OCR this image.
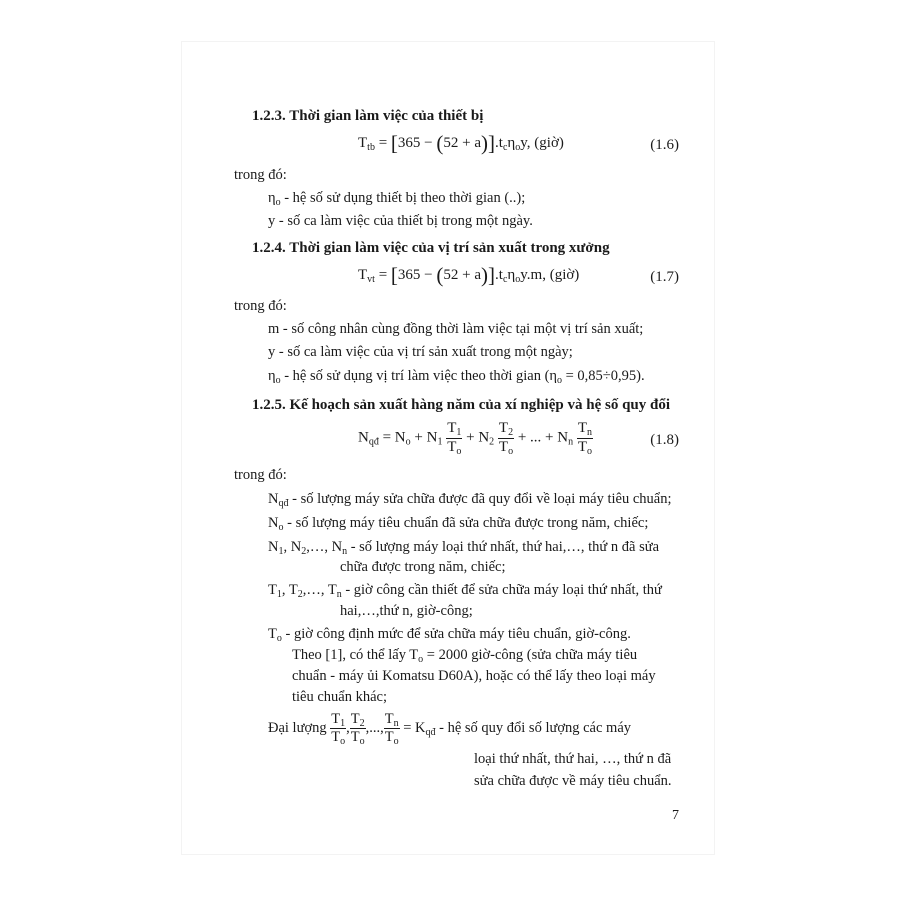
1.2.3. Thời gian làm việc của thiết bị
$T_{tb} = [365 - (52 + a)].t_c\eta_oy$, (giờ)	(1.6)
trong đó:
$\eta_o$ - hệ số sử dụng thiết bị theo thời gian (..);
y - số ca làm việc của thiết bị trong một ngày.
1.2.4. Thời gian làm việc của vị trí sản xuất trong xưởng
$T_{vt} = [365 - (52 + a)].t_c\eta_oy.m$, (giờ)	(1.7)
trong đó:
m - số công nhân cùng đồng thời làm việc tại một vị trí sản xuất;
y - số ca làm việc của vị trí sản xuất trong một ngày;
$\eta_o$ - hệ số sử dụng vị trí làm việc theo thời gian $(\eta_o = 0,85\div 0,95)$.
1.2.5. Kế hoạch sản xuất hàng năm của xí nghiệp và hệ số quy đổi
$N_{qđ} = N_o + N_1 \frac{T_1}{T_o} + N_2 \frac{T_2}{T_o}$ + ... + $N_n \frac{T_n}{T_o}$	(1.8)
trong đó:
$N_{qđ}$ - số lượng máy sửa chữa được đã quy đổi về loại máy tiêu chuẩn;
$N_o$ - số lượng máy tiêu chuẩn đã sửa chữa được trong năm, chiếc;
$N_1$, $N_2,\dots$, $N_n$ - số lượng máy loại thứ nhất, thứ hai,…, thứ n đã sửa
chữa được trong năm, chiếc;
$T_1$, $T_2,\dots$, $T_n$ - giờ công cần thiết để sửa chữa máy loại thứ nhất, thứ
hai,…,thứ n, giờ-công;
$T_o$ - giờ công định mức để sửa chữa máy tiêu chuẩn, giờ-công.
Theo [1], có thể lấy $T_o = 2000$ giờ-công (sửa chữa máy tiêu
chuẩn - máy ủi Komatsu D60A), hoặc có thể lấy theo loại máy
tiêu chuẩn khác;
Đại lượng $\frac{T_1}{T_o}$ , $\frac{T_2}{T_o}$ ,..., $\frac{T_n}{T_o} = K_{qđ}$ - hệ số quy đổi số lượng các máy
loại thứ nhất, thứ hai, …, thứ n đã
sửa chữa được về máy tiêu chuẩn.
7
